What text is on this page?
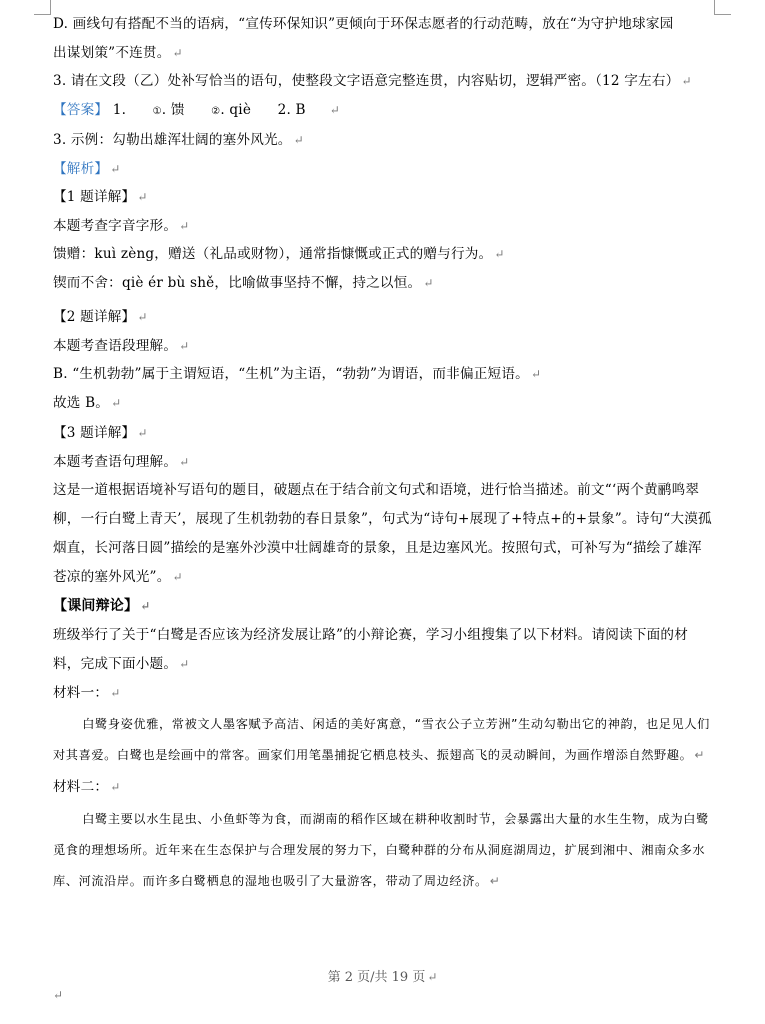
D. 画线句有搭配不当的语病，“宣传环保知识”更倾向于环保志愿者的行动范畴，放在“为守护地球家园

出谋划策”不连贯。 ↵

3. 请在文段（乙）处补写恰当的语句，使整段文字语意完整连贯，内容贴切，逻辑严密。（12 字左右） ↵

【答案】 1.	①. 馈	②. qiè 2. B ↵

3. 示例：勾勒出雄浑壮阔的塞外风光。 ↵

【解析】 ↵

【1 题详解】 ↵

本题考查字音字形。 ↵

馈赠：kuì zèng，赠送（礼品或财物），通常指慷慨或正式的赠与行为。 ↵

锲而不舍：qiè ér bù shě，比喻做事坚持不懈，持之以恒。 ↵

【2 题详解】 ↵

本题考查语段理解。 ↵

B. “生机勃勃”属于主谓短语，“生机”为主语，“勃勃”为谓语，而非偏正短语。 ↵

故选 B。 ↵

【3 题详解】 ↵

本题考查语句理解。 ↵

这是一道根据语境补写语句的题目，破题点在于结合前文句式和语境，进行恰当描述。前文“‘两个黄鹂鸣翠柳，一行白鹭上青天’，展现了生机勃勃的春日景象”，句式为“诗句+展现了+特点+的+景象”。诗句“大漠孤烟直，长河落日圆”描绘的是塞外沙漠中壮阔雄奇的景象，且是边塞风光。按照句式，可补写为“描绘了雄浑苍凉的塞外风光”。 ↵

【课间辩论】 ↵

班级举行了关于“白鹭是否应该为经济发展让路”的小辩论赛，学习小组搜集了以下材料。请阅读下面的材料，完成下面小题。 ↵

材料一： ↵

白鹭身姿优雅，常被文人墨客赋予高洁、闲适的美好寓意，“雪衣公子立芳洲”生动勾勒出它的神韵，也足见人们对其喜爱。白鹭也是绘画中的常客。画家们用笔墨捕捉它栖息枝头、振翅高飞的灵动瞬间，为画作增添自然野趣。 ↵

材料二： ↵

白鹭主要以水生昆虫、小鱼虾等为食，而湖南的稻作区域在耕种收割时节，会暴露出大量的水生生物，成为白鹭觅食的理想场所。近年来在生态保护与合理发展的努力下，白鹭种群的分布从洞庭湖周边，扩展到湘中、湘南众多水库、河流沿岸。而许多白鹭栖息的湿地也吸引了大量游客，带动了周边经济。 ↵

第 2 页/共 19 页 ↵
↵
